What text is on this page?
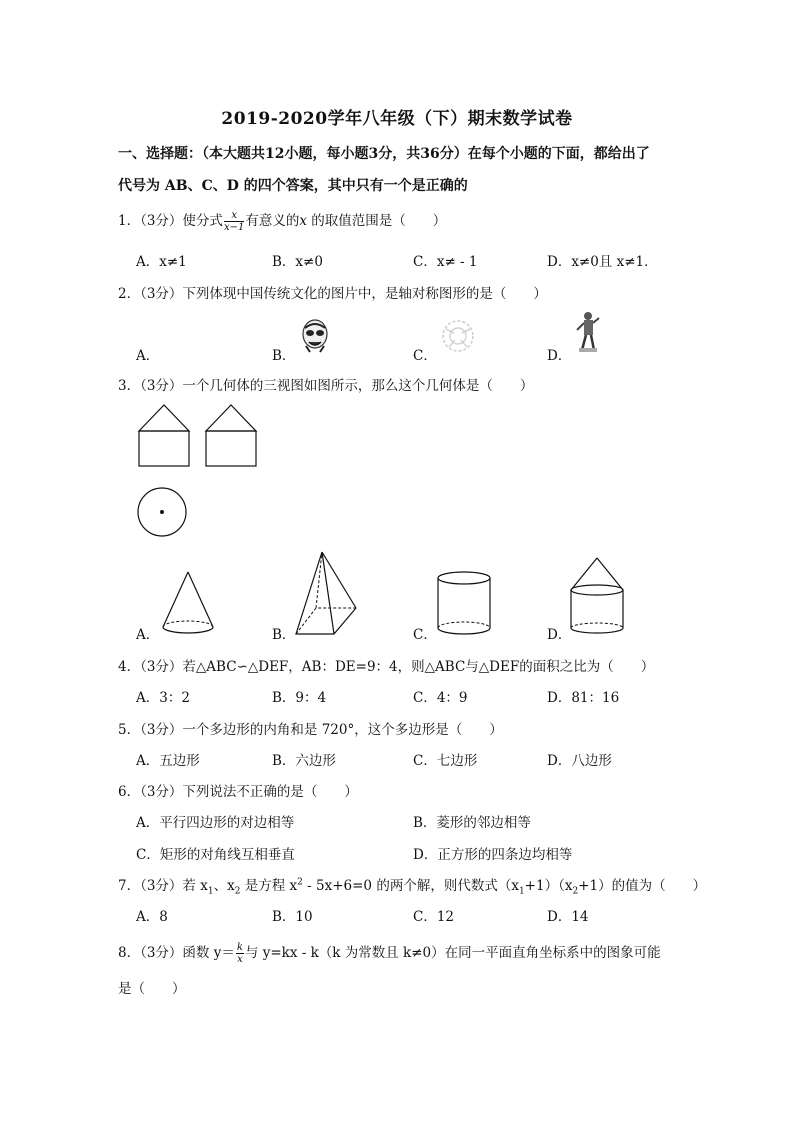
2019-2020学年八年级（下）期末数学试卷
一、选择题：（本大题共12小题，每小题3分，共36分）在每个小题的下面，都给出了
代号为 AB、C、D 的四个答案，其中只有一个是正确的
1．（3分）使分式 $\frac{x}{x-1}$ 有意义的x 的取值范围是（　　）
A．x≠1	B．x≠0	C．x≠ - 1	D．x≠0且 x≠1．
2．（3分）下列体现中国传统文化的图片中，是轴对称图形的是（　　）
A．	B．	C．	D．
3．（3分）一个几何体的三视图如图所示，那么这个几何体是（　　）
A．	B．	C．	D．
4．（3分）若△ABC∽△DEF，AB：DE=9：4，则△ABC与△DEF的面积之比为（　　）
A．3：2	B．9：4	C．4：9	D．81：16
5．（3分）一个多边形的内角和是 720°，这个多边形是（　　）
A．五边形	B．六边形	C．七边形	D．八边形
6．（3分）下列说法不正确的是（　　）
A．平行四边形的对边相等	B．菱形的邻边相等
C．矩形的对角线互相垂直	D．正方形的四条边均相等
7．（3分）若 $x_1$、$x_2$ 是方程 $x^2 - 5x+6=0$ 的两个解，则代数式$(x_1+1)(x_2+1)$的值为（　　）
A．8	B．10	C．12	D．14
8．（3分）函数 $y= \frac{k}{x}$ 与 y=kx - k（k 为常数且 k≠0）在同一平面直角坐标系中的图象可能
是（　　）
